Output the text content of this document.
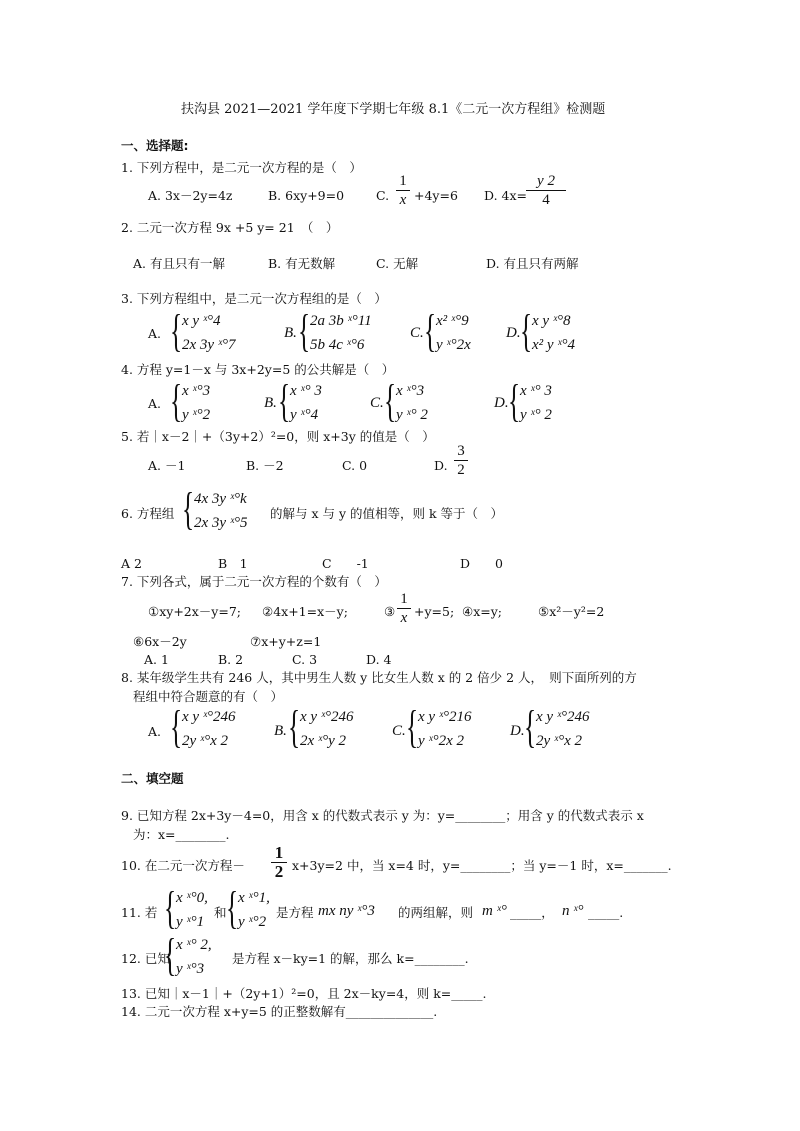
扶沟县 2021—2021 学年度下学期七年级 8.1《二元一次方程组》检测题
一、选择题:
1. 下列方程中，是二元一次方程的是（　）
A. 3x－2y=4z	B. 6xy+9=0	C.
1
x +4y=6 D. 4x=
y 2
4
2. 二元一次方程 9x +5 y= 21　（　）
A. 有且只有一解	B. 有无数解	C. 无解	D. 有且只有两解
3. 下列方程组中，是二元一次方程组的是（　）
A. { x y ˣ°4
2x 3y ˣ°7
B. { 2a 3b ˣ°11
5b 4c ˣ°6
C. { x² ˣ°9
y ˣ°2x
D. { x y ˣ°8
x² y ˣ°4
4. 方程 y=1－x 与 3x+2y=5 的公共解是（　）
A. { x ˣ°3
y ˣ°2
B. { x ˣ° 3
y ˣ°4
C. { x ˣ°3
y ˣ° 2
D. { x ˣ° 3
y ˣ° 2
5. 若｜x－2｜+（3y+2）²=0，则 x+3y 的值是（　）
A. －1	B. －2	C. 0	D.
3
2
6. 方程组 { 4x 3y ˣ°k
2x 3y ˣ°5
的解与 x 与 y 的值相等，则 k 等于（　）
A 2	B　1	C　　-1	D　　0
7. 下列各式，属于二元一次方程的个数有（　）
①xy+2x－y=7; ②4x+1=x－y;	③
1
x +y=5; ④x=y;	⑤x²－y²=2
⑥6x－2y	⑦x+y+z=1
A. 1	B. 2	C. 3	D. 4
8. 某年级学生共有 246 人，其中男生人数 y 比女生人数 x 的 2 倍少 2 人，　则下面所列的方
程组中符合题意的有（　）
A. { x y ˣ°246
2y ˣ°x 2
B. { x y ˣ°246
2x ˣ°y 2
C. { x y ˣ°216
y ˣ°2x 2
D. { x y ˣ°246
2y ˣ°x 2
二、填空题
9. 已知方程 2x+3y－4=0，用含 x 的代数式表示 y 为：y=________；用含 y 的代数式表示 x
为：x=________.
10. 在二元一次方程－
1
2 x+3y=2 中，当 x=4 时，y=________；当 y=－1 时，x=_______.
11. 若 { x ˣ°0,
y ˣ°1
和 { x ˣ°1,
y ˣ°2
是方程 mx ny ˣ°3 的两组解，则 m ˣ° _____， n ˣ° _____.
12. 已知
{ x ˣ° 2,
y ˣ°3
是方程 x－ky=1 的解，那么 k=________.
13. 已知｜x－1｜+（2y+1）²=0，且 2x－ky=4，则 k=_____.
14. 二元一次方程 x+y=5 的正整数解有______________.
